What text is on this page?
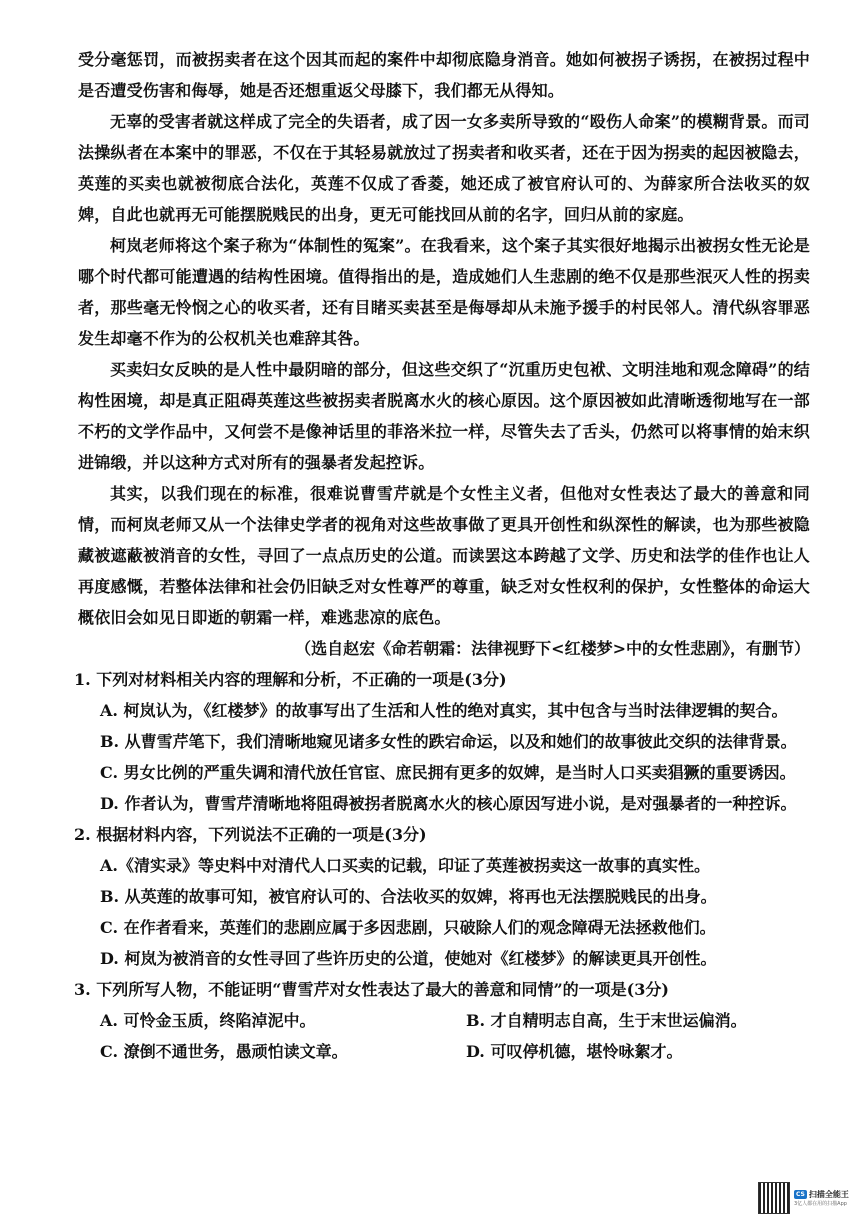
受分毫惩罚，而被拐卖者在这个因其而起的案件中却彻底隐身消音。她如何被拐子诱拐，在被拐过程中是否遭受伤害和侮辱，她是否还想重返父母膝下，我们都无从得知。

无辜的受害者就这样成了完全的失语者，成了因一女多卖所导致的“殴伤人命案”的模糊背景。而司法操纵者在本案中的罪恶，不仅在于其轻易就放过了拐卖者和收买者，还在于因为拐卖的起因被隐去，英莲的买卖也就被彻底合法化，英莲不仅成了香菱，她还成了被官府认可的、为薛家所合法收买的奴婢，自此也就再无可能摆脱贱民的出身，更无可能找回从前的名字，回归从前的家庭。

柯岚老师将这个案子称为“体制性的冤案”。在我看来，这个案子其实很好地揭示出被拐女性无论是哪个时代都可能遭遇的结构性困境。值得指出的是，造成她们人生悲剧的绝不仅是那些泯灭人性的拐卖者，那些毫无怜悯之心的收买者，还有目睹买卖甚至是侮辱却从未施予援手的村民邻人。清代纵容罪恶发生却毫不作为的公权机关也难辞其咎。

买卖妇女反映的是人性中最阴暗的部分，但这些交织了“沉重历史包袱、文明洼地和观念障碍”的结构性困境，却是真正阻碍英莲这些被拐卖者脱离水火的核心原因。这个原因被如此清晰透彻地写在一部不朽的文学作品中，又何尝不是像神话里的菲洛米拉一样，尽管失去了舌头，仍然可以将事情的始末织进锦缎，并以这种方式对所有的强暴者发起控诉。

其实，以我们现在的标准，很难说曹雪芹就是个女性主义者，但他对女性表达了最大的善意和同情，而柯岚老师又从一个法律史学者的视角对这些故事做了更具开创性和纵深性的解读，也为那些被隐藏被遮蔽被消音的女性，寻回了一点点历史的公道。而读罢这本跨越了文学、历史和法学的佳作也让人再度感慨，若整体法律和社会仍旧缺乏对女性尊严的尊重，缺乏对女性权利的保护，女性整体的命运大概依旧会如见日即逝的朝霜一样，难逃悲凉的底色。

（选自赵宏《命若朝霜：法律视野下<红楼梦>中的女性悲剧》，有删节）

1. 下列对材料相关内容的理解和分析，不正确的一项是(3分)

A. 柯岚认为，《红楼梦》的故事写出了生活和人性的绝对真实，其中包含与当时法律逻辑的契合。

B. 从曹雪芹笔下，我们清晰地窥见诸多女性的跌宕命运，以及和她们的故事彼此交织的法律背景。

C. 男女比例的严重失调和清代放任官宦、庶民拥有更多的奴婢，是当时人口买卖猖獗的重要诱因。

D. 作者认为，曹雪芹清晰地将阻碍被拐者脱离水火的核心原因写进小说，是对强暴者的一种控诉。

2. 根据材料内容，下列说法不正确的一项是(3分)

A.《清实录》等史料中对清代人口买卖的记载，印证了英莲被拐卖这一故事的真实性。

B. 从英莲的故事可知，被官府认可的、合法收买的奴婢，将再也无法摆脱贱民的出身。

C. 在作者看来，英莲们的悲剧应属于多因悲剧，只破除人们的观念障碍无法拯救他们。

D. 柯岚为被消音的女性寻回了些许历史的公道，使她对《红楼梦》的解读更具开创性。

3. 下列所写人物，不能证明“曹雪芹对女性表达了最大的善意和同情”的一项是(3分)

A. 可怜金玉质，终陷淖泥中。	B. 才自精明志自高，生于末世运偏消。
C. 潦倒不通世务，愚顽怕读文章。	D. 可叹停机德，堪怜咏絮才。
CS 扫描全能王
3亿人都在用的扫描App
